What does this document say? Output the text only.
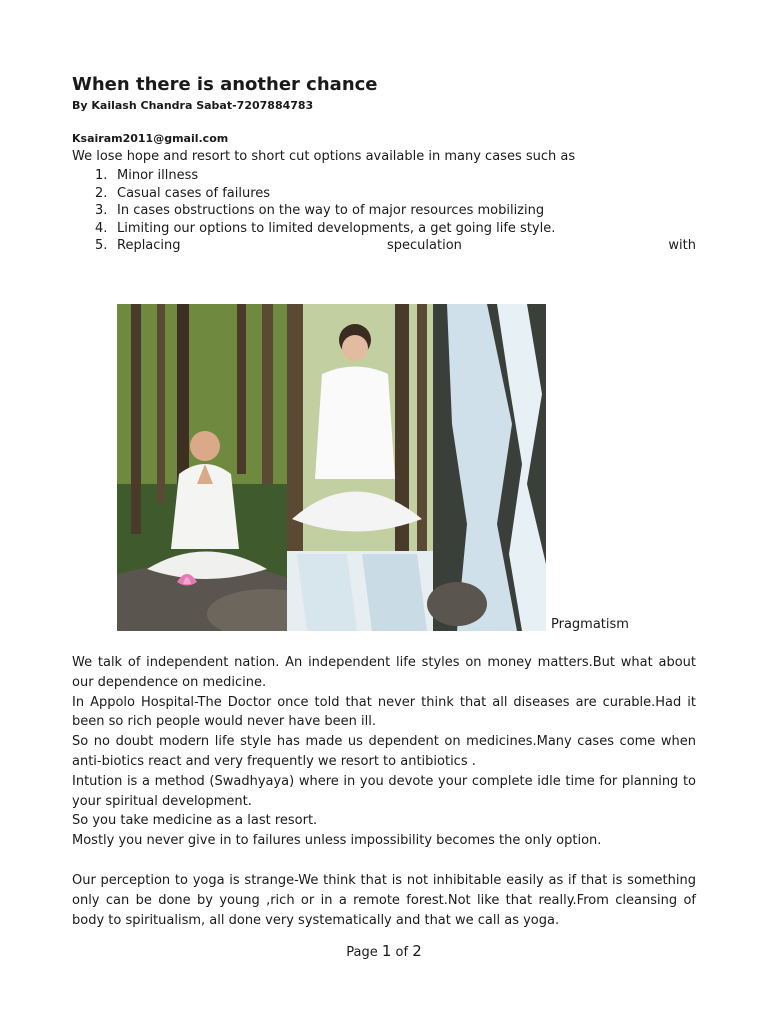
When there is another chance
By Kailash Chandra Sabat-7207884783
Ksairam2011@gmail.com
We lose hope and resort to short cut options available in many cases such as
1. Minor illness
2. Casual cases of failures
3. In cases obstructions on the way to of major resources mobilizing
4. Limiting our options to limited developments, a get going life style.
5. Replacing	speculation	with
Pragmatism

We talk of independent nation. An independent life styles on money matters.But what about our dependence on medicine.
In Appolo Hospital-The Doctor once told that never think that all diseases are curable.Had it been so rich people would never have been ill.
So no doubt modern life style has made us dependent on medicines.Many cases come when anti-biotics react and very frequently we resort to antibiotics .
Intution is a method (Swadhyaya) where in you devote your complete idle time for planning to your spiritual development.
So you take medicine as a last resort.
Mostly you never give in to failures unless impossibility becomes the only option.

Our perception to yoga is strange-We think that is not inhibitable easily as if that is something only can be done by young ,rich or in a remote forest.Not like that really.From cleansing of body to spiritualism, all done very systematically and that we call as yoga.

Page 1 of 2
